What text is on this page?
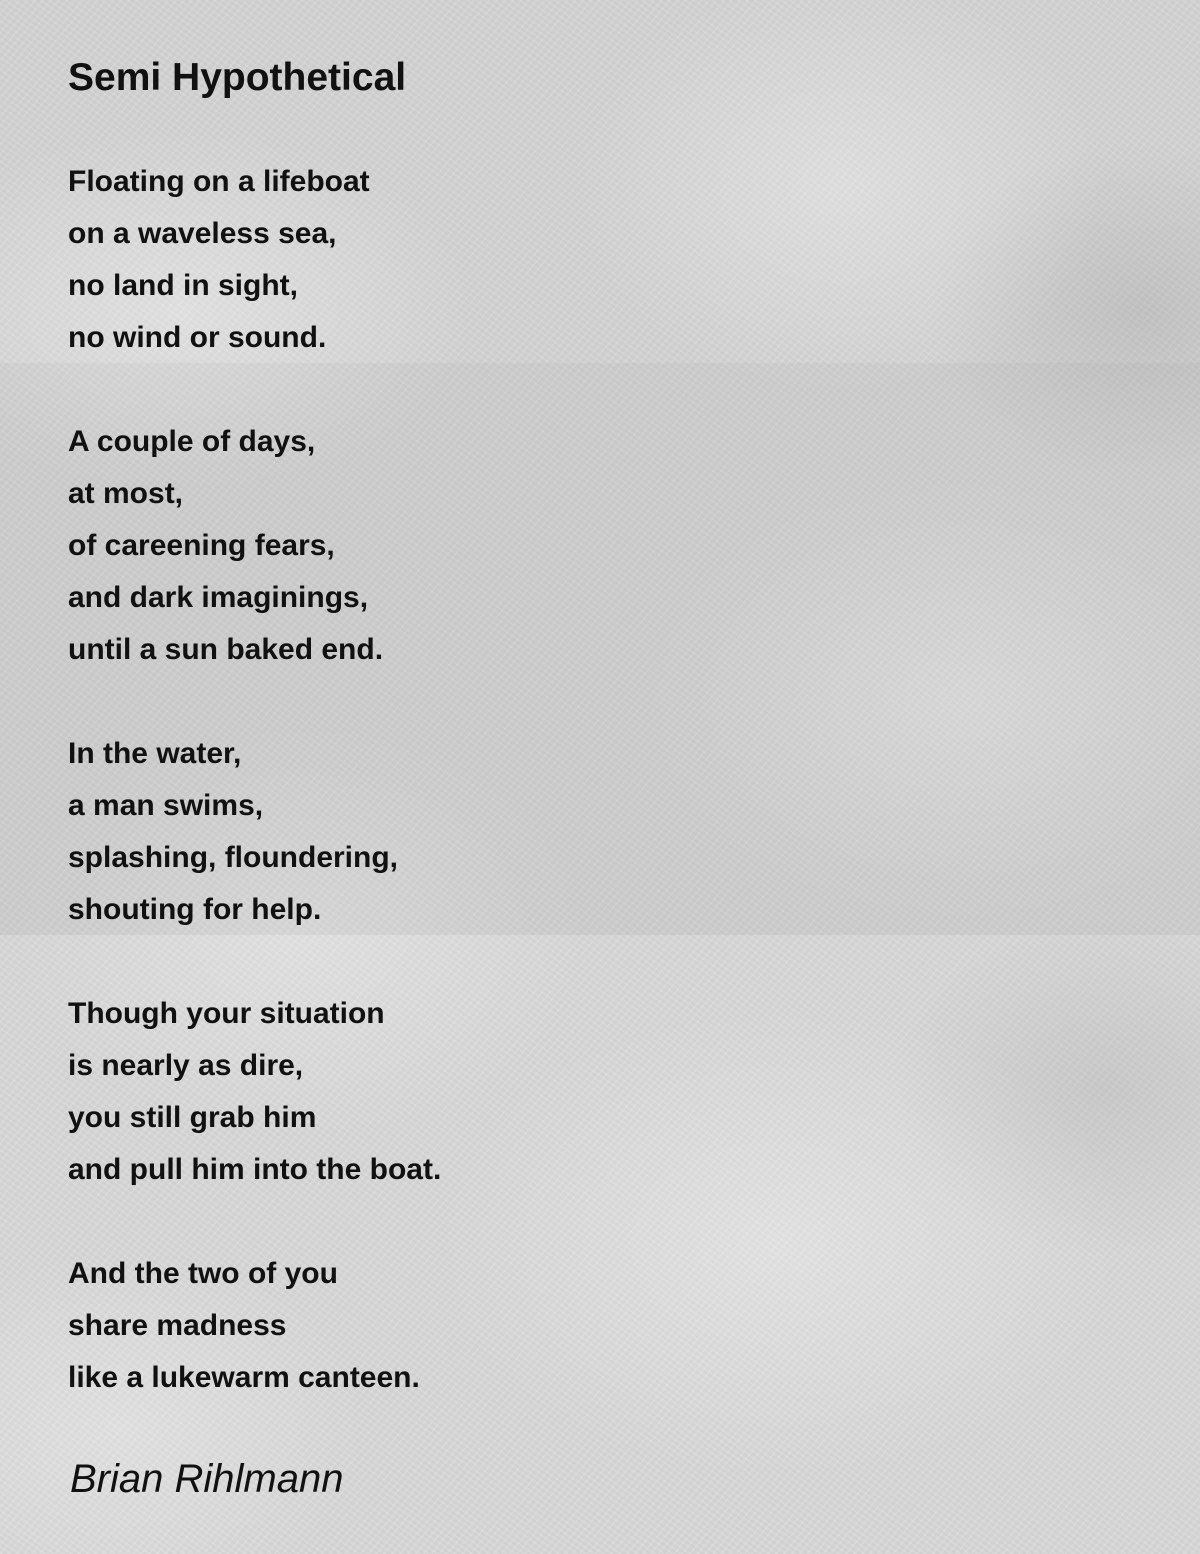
Semi Hypothetical
Floating on a lifeboat
on a waveless sea,
no land in sight,
no wind or sound.
A couple of days,
at most,
of careening fears,
and dark imaginings,
until a sun baked end.
In the water,
a man swims,
splashing, floundering,
shouting for help.
Though your situation
is nearly as dire,
you still grab him
and pull him into the boat.
And the two of you
share madness
like a lukewarm canteen.
Brian Rihlmann
